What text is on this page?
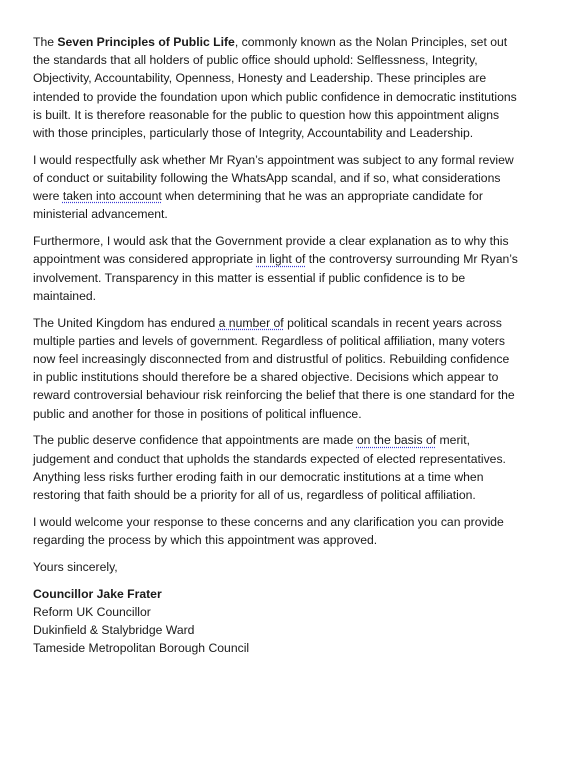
The Seven Principles of Public Life, commonly known as the Nolan Principles, set out the standards that all holders of public office should uphold: Selflessness, Integrity, Objectivity, Accountability, Openness, Honesty and Leadership. These principles are intended to provide the foundation upon which public confidence in democratic institutions is built. It is therefore reasonable for the public to question how this appointment aligns with those principles, particularly those of Integrity, Accountability and Leadership.

I would respectfully ask whether Mr Ryan’s appointment was subject to any formal review of conduct or suitability following the WhatsApp scandal, and if so, what considerations were taken into account when determining that he was an appropriate candidate for ministerial advancement.

Furthermore, I would ask that the Government provide a clear explanation as to why this appointment was considered appropriate in light of the controversy surrounding Mr Ryan’s involvement. Transparency in this matter is essential if public confidence is to be maintained.

The United Kingdom has endured a number of political scandals in recent years across multiple parties and levels of government. Regardless of political affiliation, many voters now feel increasingly disconnected from and distrustful of politics. Rebuilding confidence in public institutions should therefore be a shared objective. Decisions which appear to reward controversial behaviour risk reinforcing the belief that there is one standard for the public and another for those in positions of political influence.

The public deserve confidence that appointments are made on the basis of merit, judgement and conduct that upholds the standards expected of elected representatives. Anything less risks further eroding faith in our democratic institutions at a time when restoring that faith should be a priority for all of us, regardless of political affiliation.

I would welcome your response to these concerns and any clarification you can provide regarding the process by which this appointment was approved.

Yours sincerely,

Councillor Jake Frater
Reform UK Councillor
Dukinfield & Stalybridge Ward
Tameside Metropolitan Borough Council
